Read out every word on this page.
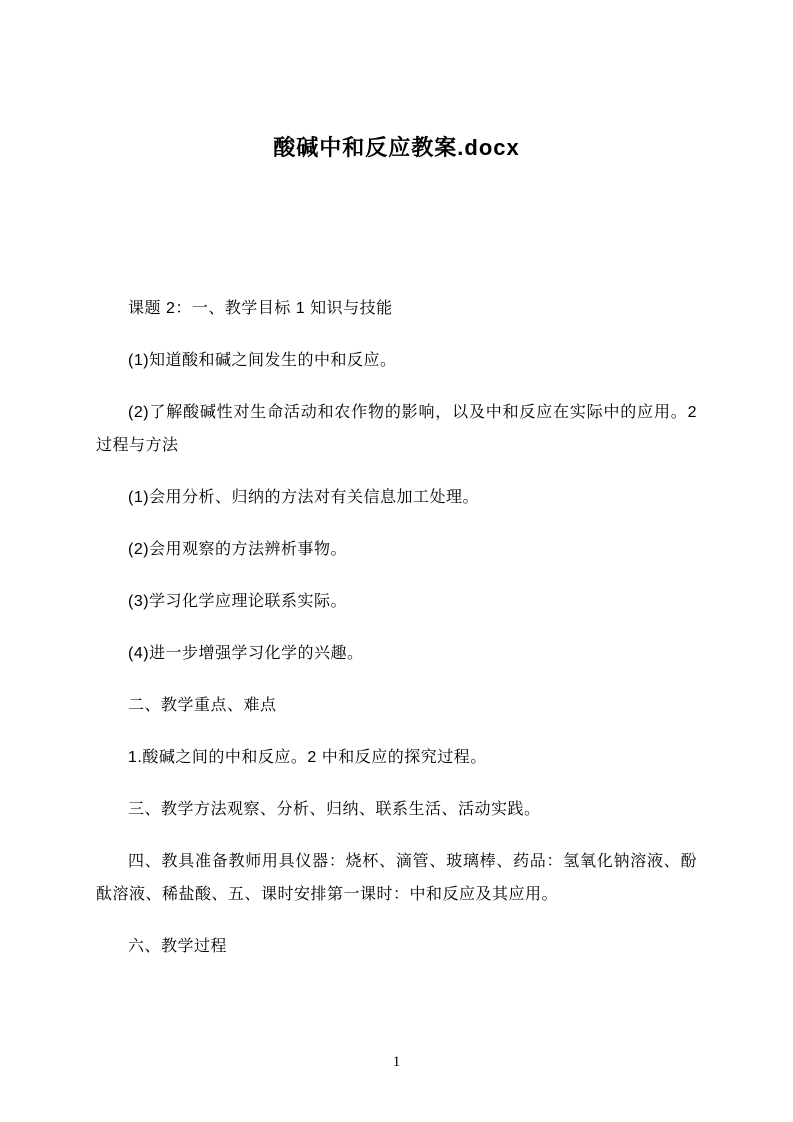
酸碱中和反应教案.docx

课题 2：一、教学目标 1 知识与技能

(1)知道酸和碱之间发生的中和反应。

(2)了解酸碱性对生命活动和农作物的影响，以及中和反应在实际中的应用。2 过程与方法

(1)会用分析、归纳的方法对有关信息加工处理。

(2)会用观察的方法辨析事物。

(3)学习化学应理论联系实际。

(4)进一步增强学习化学的兴趣。

二、教学重点、难点

1.酸碱之间的中和反应。2 中和反应的探究过程。

三、教学方法观察、分析、归纳、联系生活、活动实践。

四、教具准备教师用具仪器：烧杯、滴管、玻璃棒、药品：氢氧化钠溶液、酚酞溶液、稀盐酸、五、课时安排第一课时：中和反应及其应用。

六、教学过程

1
